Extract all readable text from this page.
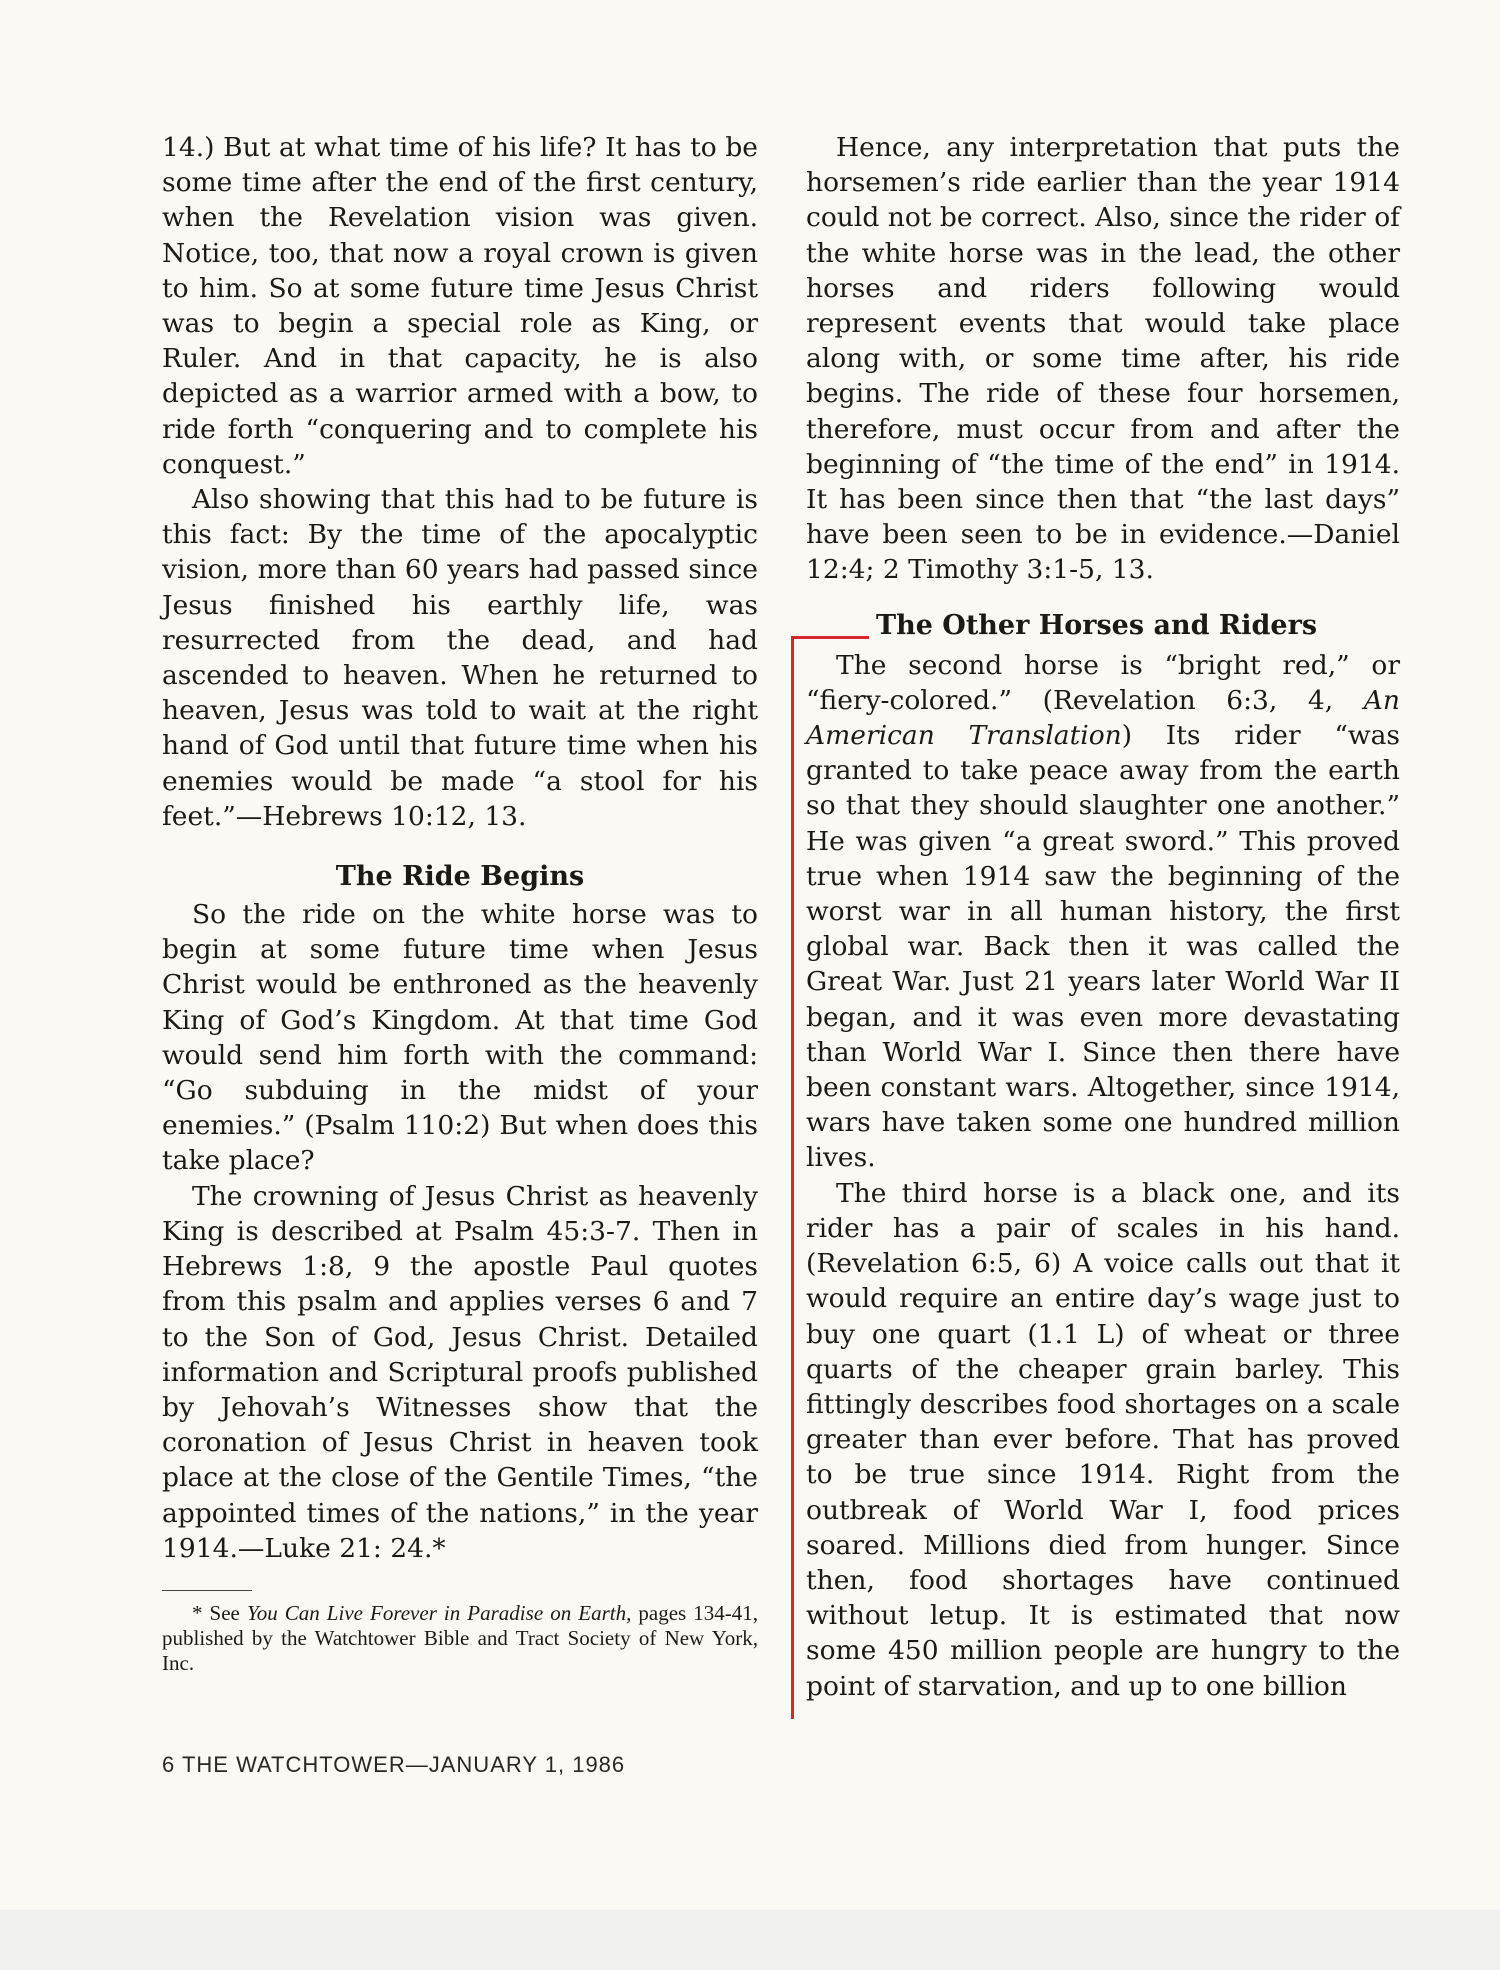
14.) But at what time of his life? It has to be some time after the end of the first century, when the Revelation vision was given. Notice, too, that now a royal crown is given to him. So at some future time Jesus Christ was to begin a special role as King, or Ruler. And in that capacity, he is also depicted as a warrior armed with a bow, to ride forth “conquering and to complete his conquest.”

Also showing that this had to be future is this fact: By the time of the apocalyptic vision, more than 60 years had passed since Jesus finished his earthly life, was resurrected from the dead, and had ascended to heaven. When he returned to heaven, Jesus was told to wait at the right hand of God until that future time when his enemies would be made “a stool for his feet.”—Hebrews 10:12, 13.

The Ride Begins

So the ride on the white horse was to begin at some future time when Jesus Christ would be enthroned as the heavenly King of God’s Kingdom. At that time God would send him forth with the command: “Go subduing in the midst of your enemies.” (Psalm 110:2) But when does this take place?

The crowning of Jesus Christ as heavenly King is described at Psalm 45:3-7. Then in Hebrews 1:8, 9 the apostle Paul quotes from this psalm and applies verses 6 and 7 to the Son of God, Jesus Christ. Detailed information and Scriptural proofs published by Jehovah’s Witnesses show that the coronation of Jesus Christ in heaven took place at the close of the Gentile Times, “the appointed times of the nations,” in the year 1914.—Luke 21: 24.*

* See You Can Live Forever in Paradise on Earth, pages 134-41, published by the Watchtower Bible and Tract Society of New York, Inc.

Hence, any interpretation that puts the horsemen’s ride earlier than the year 1914 could not be correct. Also, since the rider of the white horse was in the lead, the other horses and riders following would represent events that would take place along with, or some time after, his ride begins. The ride of these four horsemen, therefore, must occur from and after the beginning of “the time of the end” in 1914. It has been since then that “the last days” have been seen to be in evidence.—Daniel 12:4; 2 Timothy 3:1-5, 13.

The Other Horses and Riders

The second horse is “bright red,” or “fiery-colored.” (Revelation 6:3, 4, An American Translation) Its rider “was granted to take peace away from the earth so that they should slaughter one another.” He was given “a great sword.” This proved true when 1914 saw the beginning of the worst war in all human history, the first global war. Back then it was called the Great War. Just 21 years later World War II began, and it was even more devastating than World War I. Since then there have been constant wars. Altogether, since 1914, wars have taken some one hundred million lives.

The third horse is a black one, and its rider has a pair of scales in his hand. (Revelation 6:5, 6) A voice calls out that it would require an entire day’s wage just to buy one quart (1.1 L) of wheat or three quarts of the cheaper grain barley. This fittingly describes food shortages on a scale greater than ever before. That has proved to be true since 1914. Right from the outbreak of World War I, food prices soared. Millions died from hunger. Since then, food shortages have continued without letup. It is estimated that now some 450 million people are hungry to the point of starvation, and up to one billion

6 THE WATCHTOWER—JANUARY 1, 1986
